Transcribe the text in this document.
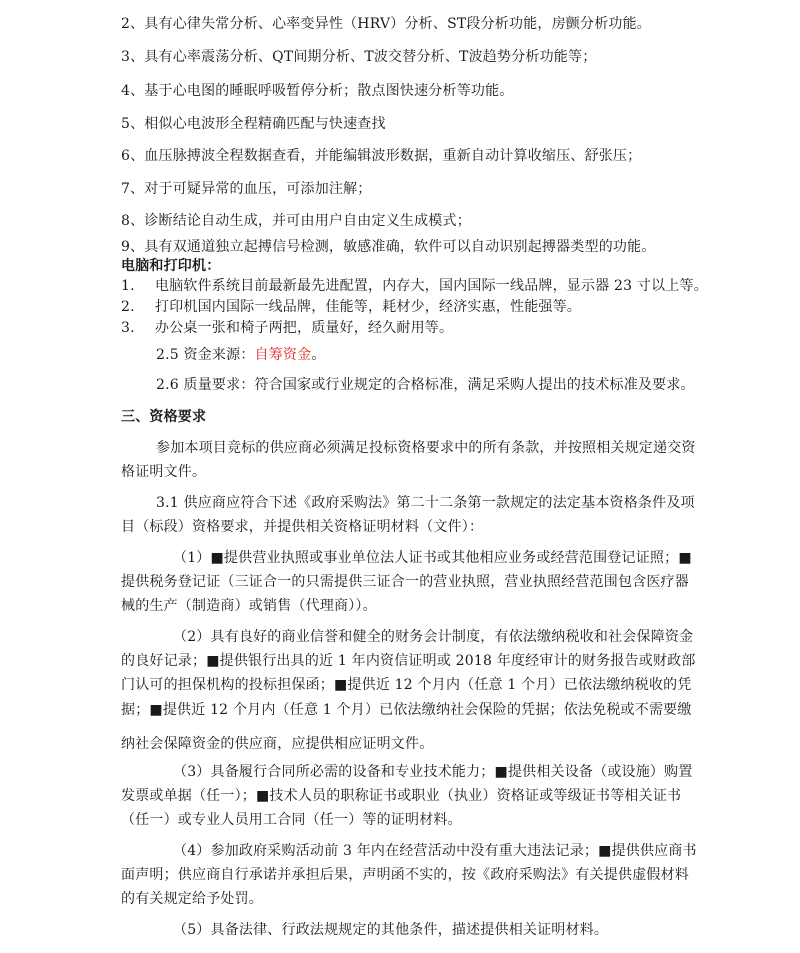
2、具有心律失常分析、心率变异性（HRV）分析、ST段分析功能，房颤分析功能。
3、具有心率震荡分析、QT间期分析、T波交替分析、T波趋势分析功能等；
4、基于心电图的睡眠呼吸暂停分析；散点图快速分析等功能。
5、相似心电波形全程精确匹配与快速查找
6、血压脉搏波全程数据查看，并能编辑波形数据，重新自动计算收缩压、舒张压；
7、对于可疑异常的血压，可添加注解；
8、诊断结论自动生成，并可由用户自由定义生成模式；
9、具有双通道独立起搏信号检测，敏感准确，软件可以自动识别起搏器类型的功能。
电脑和打印机：
1. 电脑软件系统目前最新最先进配置，内存大，国内国际一线品牌，显示器 23 寸以上等。
2. 打印机国内国际一线品牌，佳能等，耗材少，经济实惠，性能强等。
3. 办公桌一张和椅子两把，质量好，经久耐用等。
2.5 资金来源：自筹资金。
2.6 质量要求：符合国家或行业规定的合格标准，满足采购人提出的技术标准及要求。
三、资格要求
参加本项目竞标的供应商必须满足投标资格要求中的所有条款，并按照相关规定递交资
格证明文件。
3.1 供应商应符合下述《政府采购法》第二十二条第一款规定的法定基本资格条件及项
目（标段）资格要求，并提供相关资格证明材料（文件）：
（1）■提供营业执照或事业单位法人证书或其他相应业务或经营范围登记证照；■
提供税务登记证（三证合一的只需提供三证合一的营业执照，营业执照经营范围包含医疗器
械的生产（制造商）或销售（代理商））。
（2）具有良好的商业信誉和健全的财务会计制度，有依法缴纳税收和社会保障资金
的良好记录；■提供银行出具的近 1 年内资信证明或 2018 年度经审计的财务报告或财政部
门认可的担保机构的投标担保函；■提供近 12 个月内（任意 1 个月）已依法缴纳税收的凭
据；■提供近 12 个月内（任意 1 个月）已依法缴纳社会保险的凭据；依法免税或不需要缴
纳社会保障资金的供应商，应提供相应证明文件。
（3）具备履行合同所必需的设备和专业技术能力；■提供相关设备（或设施）购置
发票或单据（任一）；■技术人员的职称证书或职业（执业）资格证或等级证书等相关证书
（任一）或专业人员用工合同（任一）等的证明材料。
（4）参加政府采购活动前 3 年内在经营活动中没有重大违法记录；■提供供应商书
面声明；供应商自行承诺并承担后果，声明函不实的，按《政府采购法》有关提供虚假材料
的有关规定给予处罚。
（5）具备法律、行政法规规定的其他条件，描述提供相关证明材料。
